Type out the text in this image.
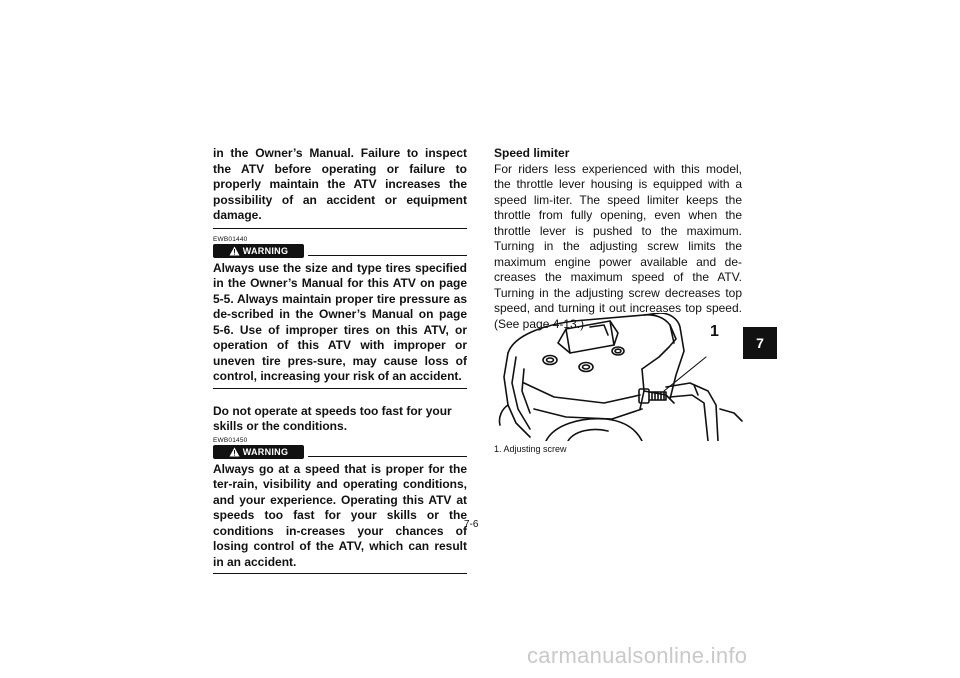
in the Owner’s Manual. Failure to inspect the ATV before operating or failure to properly maintain the ATV increases the possibility of an accident or equipment damage.

EWB01440
WARNING

Always use the size and type tires specified in the Owner’s Manual for this ATV on page 5-5. Always maintain proper tire pressure as de-scribed in the Owner’s Manual on page 5-6. Use of improper tires on this ATV, or operation of this ATV with improper or uneven tire pres-sure, may cause loss of control, increasing your risk of an accident.

Do not operate at speeds too fast for your skills or the conditions.

EWB01450
WARNING

Always go at a speed that is proper for the ter-rain, visibility and operating conditions, and your experience. Operating this ATV at speeds too fast for your skills or the conditions in-creases your chances of losing control of the ATV, which can result in an accident.

Speed limiter

For riders less experienced with this model, the throttle lever housing is equipped with a speed lim-iter. The speed limiter keeps the throttle from fully opening, even when the throttle lever is pushed to the maximum. Turning in the adjusting screw limits the maximum engine power available and de-creases the maximum speed of the ATV. Turning in the adjusting screw decreases top speed, and turning it out increases top speed. (See page 4-13.)	1
1. Adjusting screw
7
7-6
carmanualsonline.info
